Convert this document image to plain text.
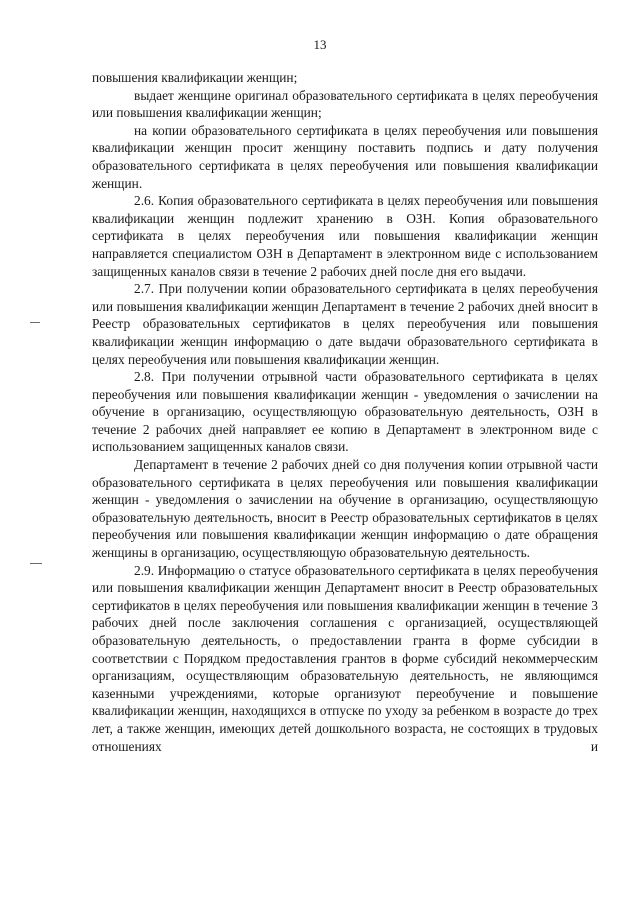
13

повышения квалификации женщин;

выдает женщине оригинал образовательного сертификата в целях переобучения или повышения квалификации женщин;

на копии образовательного сертификата в целях переобучения или повышения квалификации женщин просит женщину поставить подпись и дату получения образовательного сертификата в целях переобучения или повышения квалификации женщин.

2.6. Копия образовательного сертификата в целях переобучения или повышения квалификации женщин подлежит хранению в ОЗН. Копия образовательного сертификата в целях переобучения или повышения квалификации женщин направляется специалистом ОЗН в Департамент в электронном виде с использованием защищенных каналов связи в течение 2 рабочих дней после дня его выдачи.

2.7. При получении копии образовательного сертификата в целях переобучения или повышения квалификации женщин Департамент в течение 2 рабочих дней вносит в Реестр образовательных сертификатов в целях переобучения или повышения квалификации женщин информацию о дате выдачи образовательного сертификата в целях переобучения или повышения квалификации женщин.

2.8. При получении отрывной части образовательного сертификата в целях переобучения или повышения квалификации женщин - уведомления о зачислении на обучение в организацию, осуществляющую образовательную деятельность, ОЗН в течение 2 рабочих дней направляет ее копию в Департамент в электронном виде с использованием защищенных каналов связи.

Департамент в течение 2 рабочих дней со дня получения копии отрывной части образовательного сертификата в целях переобучения или повышения квалификации женщин - уведомления о зачислении на обучение в организацию, осуществляющую образовательную деятельность, вносит в Реестр образовательных сертификатов в целях переобучения или повышения квалификации женщин информацию о дате обращения женщины в организацию, осуществляющую образовательную деятельность.

2.9. Информацию о статусе образовательного сертификата в целях переобучения или повышения квалификации женщин Департамент вносит в Реестр образовательных сертификатов в целях переобучения или повышения квалификации женщин в течение 3 рабочих дней после заключения соглашения с организацией, осуществляющей образовательную деятельность, о предоставлении гранта в форме субсидии в соответствии с Порядком предоставления грантов в форме субсидий некоммерческим организациям, осуществляющим образовательную деятельность, не являющимся казенными учреждениями, которые организуют переобучение и повышение квалификации женщин, находящихся в отпуске по уходу за ребенком в возрасте до трех лет, а также женщин, имеющих детей дошкольного возраста, не состоящих в трудовых отношениях и
